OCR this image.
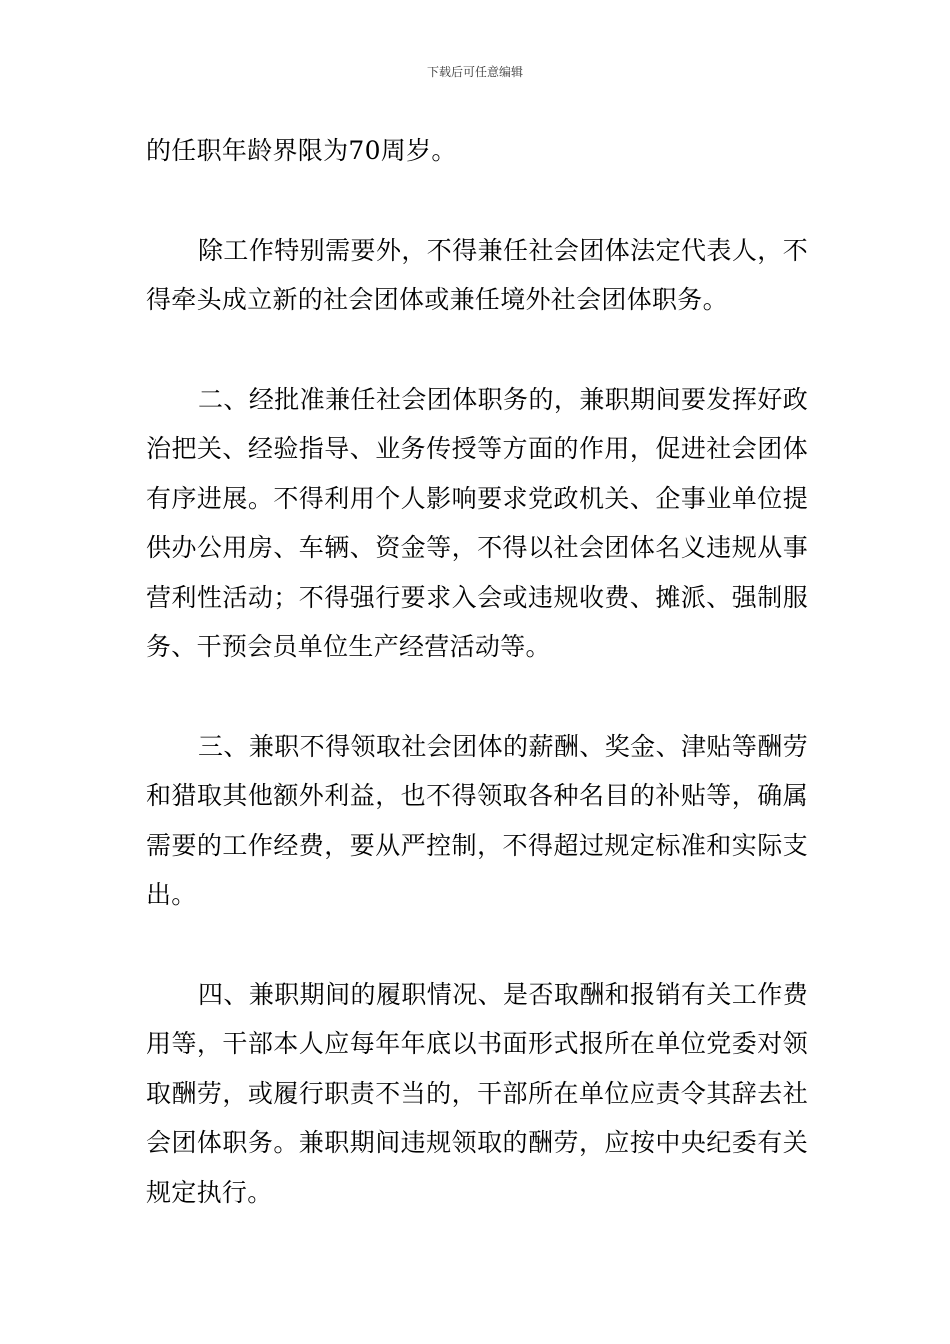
下载后可任意编辑

的任职年龄界限为70周岁。

除工作特别需要外，不得兼任社会团体法定代表人，不得牵头成立新的社会团体或兼任境外社会团体职务。

二、经批准兼任社会团体职务的，兼职期间要发挥好政治把关、经验指导、业务传授等方面的作用，促进社会团体有序进展。不得利用个人影响要求党政机关、企事业单位提供办公用房、车辆、资金等，不得以社会团体名义违规从事营利性活动；不得强行要求入会或违规收费、摊派、强制服务、干预会员单位生产经营活动等。

三、兼职不得领取社会团体的薪酬、奖金、津贴等酬劳和猎取其他额外利益，也不得领取各种名目的补贴等，确属需要的工作经费，要从严控制，不得超过规定标准和实际支出。

四、兼职期间的履职情况、是否取酬和报销有关工作费用等，干部本人应每年年底以书面形式报所在单位党委对领取酬劳，或履行职责不当的，干部所在单位应责令其辞去社会团体职务。兼职期间违规领取的酬劳，应按中央纪委有关规定执行。
